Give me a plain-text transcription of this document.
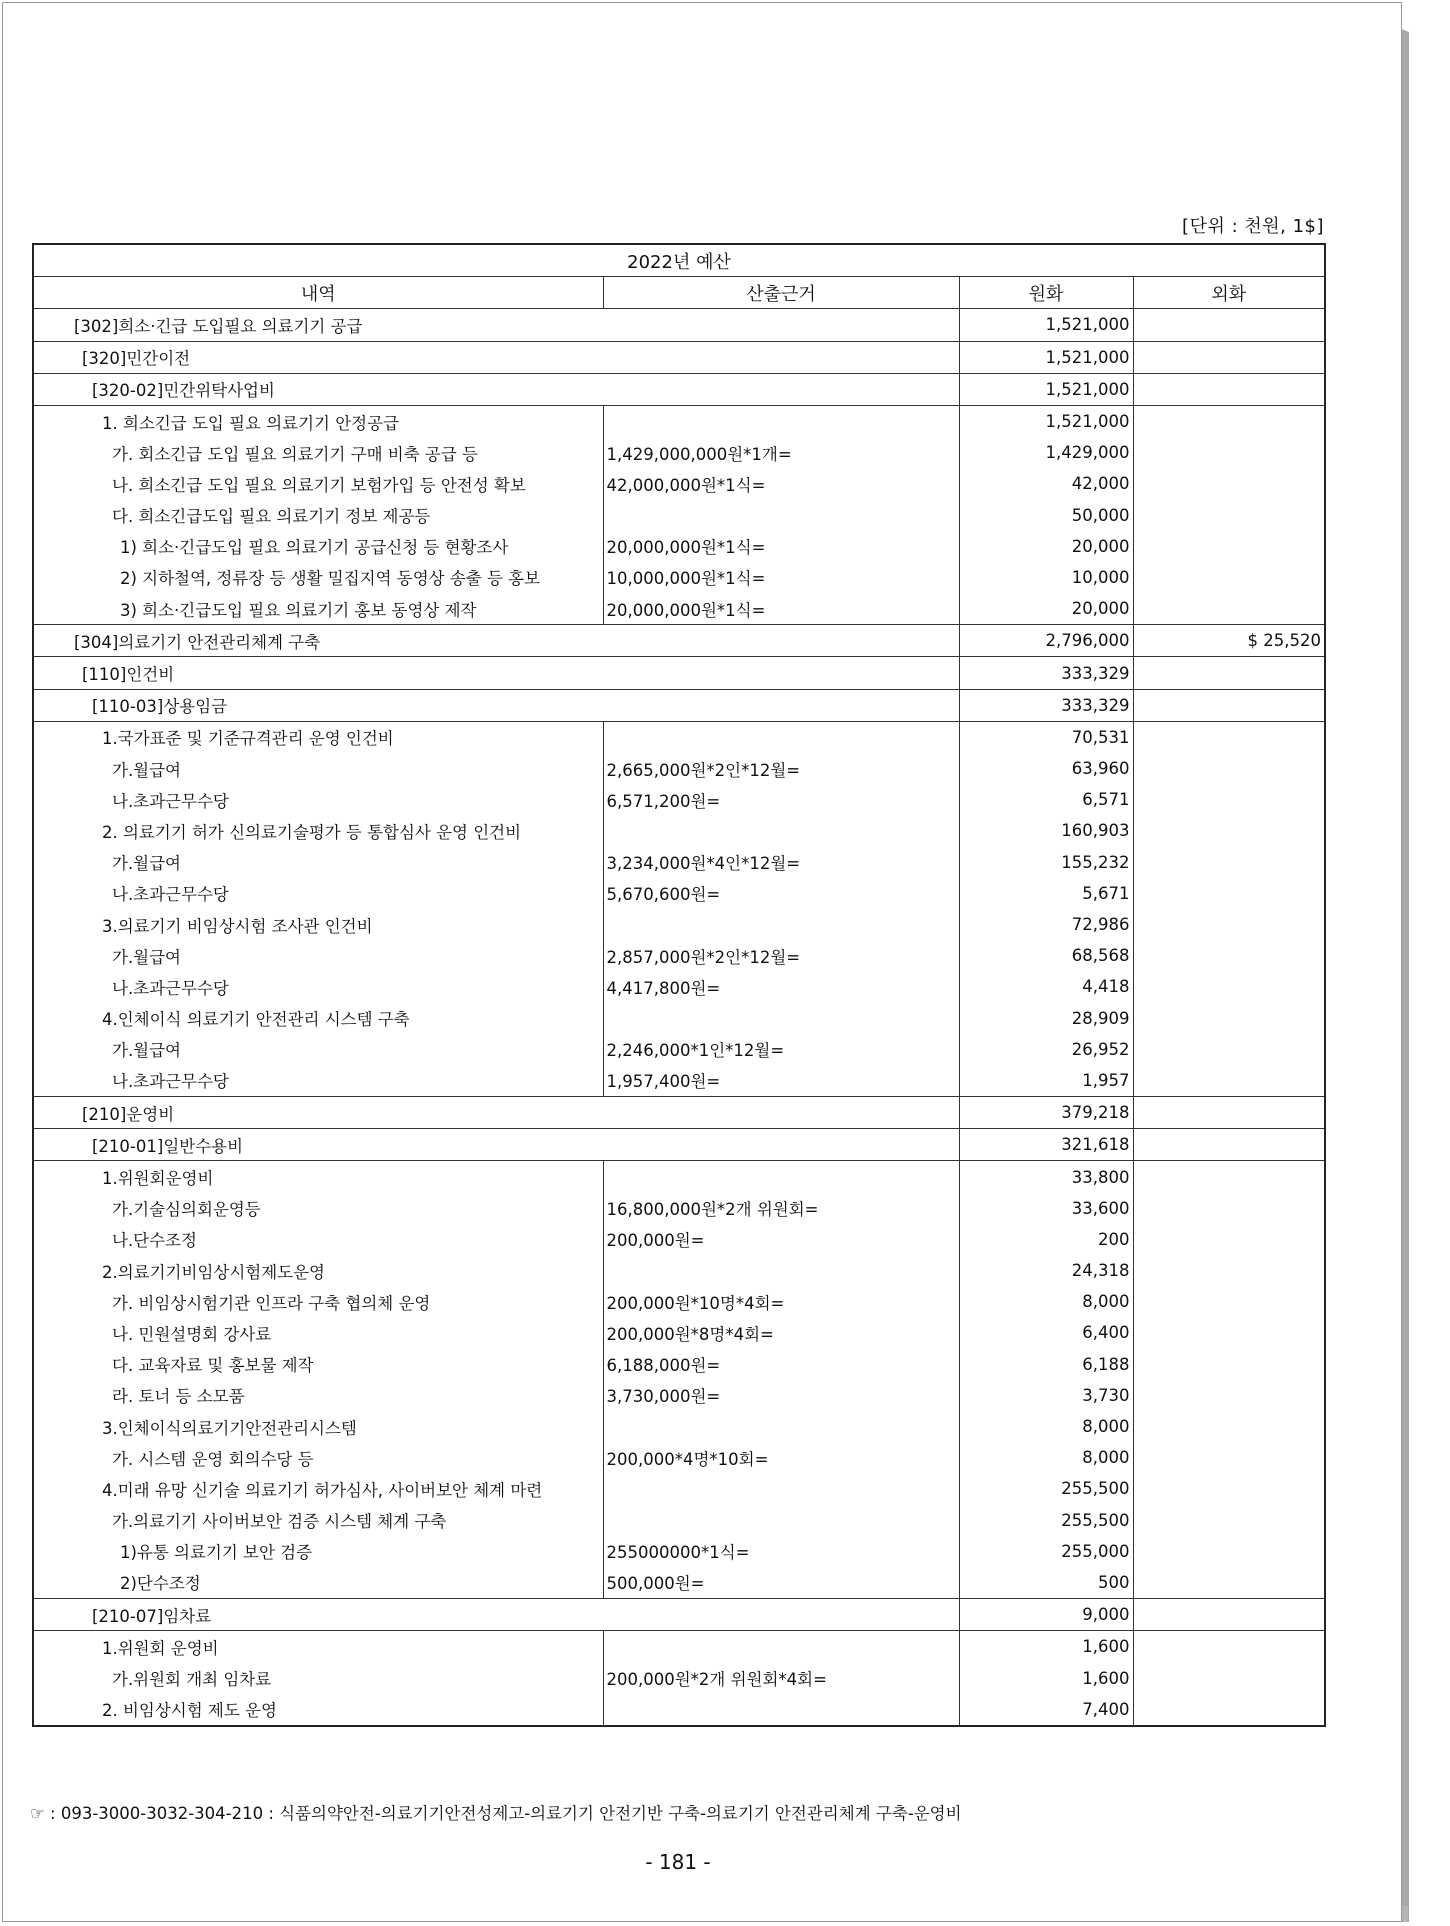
[단위 : 천원, 1$]
2022년 예산			
내역	산출근거	원화	외화
[302]희소·긴급 도입필요 의료기기 공급		1,521,000	
[320]민간이전		1,521,000	
[320-02]민간위탁사업비		1,521,000	
1. 희소긴급 도입 필요 의료기기 안정공급		1,521,000	
가. 회소긴급 도입 필요 의료기기 구매 비축 공급 등	1,429,000,000원*1개=	1,429,000	
나. 희소긴급 도입 필요 의료기기 보험가입 등 안전성 확보	42,000,000원*1식=	42,000	
다. 희소긴급도입 필요 의료기기 정보 제공등		50,000	
1) 희소·긴급도입 필요 의료기기 공급신청 등 현황조사	20,000,000원*1식=	20,000	
2) 지하철역, 정류장 등 생활 밀집지역 동영상 송출 등 홍보	10,000,000원*1식=	10,000	
3) 희소·긴급도입 필요 의료기기 홍보 동영상 제작	20,000,000원*1식=	20,000	
[304]의료기기 안전관리체계 구축		2,796,000	$ 25,520
[110]인건비		333,329	
[110-03]상용임금		333,329	
1.국가표준 및 기준규격관리 운영 인건비		70,531	
가.월급여	2,665,000원*2인*12월=	63,960	
나.초과근무수당	6,571,200원=	6,571	
2. 의료기기 허가 신의료기술평가 등 통합심사 운영 인건비		160,903	
가.월급여	3,234,000원*4인*12월=	155,232	
나.초과근무수당	5,670,600원=	5,671	
3.의료기기 비임상시험 조사관 인건비		72,986	
가.월급여	2,857,000원*2인*12월=	68,568	
나.초과근무수당	4,417,800원=	4,418	
4.인체이식 의료기기 안전관리 시스템 구축		28,909	
가.월급여	2,246,000*1인*12월=	26,952	
나.초과근무수당	1,957,400원=	1,957	
[210]운영비		379,218	
[210-01]일반수용비		321,618	
1.위원회운영비		33,800	
가.기술심의회운영등	16,800,000원*2개 위원회=	33,600	
나.단수조정	200,000원=	200	
2.의료기기비임상시험제도운영		24,318	
가. 비임상시험기관 인프라 구축 협의체 운영	200,000원*10명*4회=	8,000	
나. 민원설명회 강사료	200,000원*8명*4회=	6,400	
다. 교육자료 및 홍보물 제작	6,188,000원=	6,188	
라. 토너 등 소모품	3,730,000원=	3,730	
3.인체이식의료기기안전관리시스템		8,000	
가. 시스템 운영 회의수당 등	200,000*4명*10회=	8,000	
4.미래 유망 신기술 의료기기 허가심사, 사이버보안 체계 마련		255,500	
가.의료기기 사이버보안 검증 시스템 체계 구축		255,500	
1)유통 의료기기 보안 검증	255000000*1식=	255,000	
2)단수조정	500,000원=	500	
[210-07]임차료		9,000	
1.위원회 운영비		1,600	
가.위원회 개최 임차료	200,000원*2개 위원회*4회=	1,600	
2. 비임상시험 제도 운영		7,400	
☞ : 093-3000-3032-304-210 : 식품의약안전-의료기기안전성제고-의료기기 안전기반 구축-의료기기 안전관리체계 구축-운영비
- 181 -
